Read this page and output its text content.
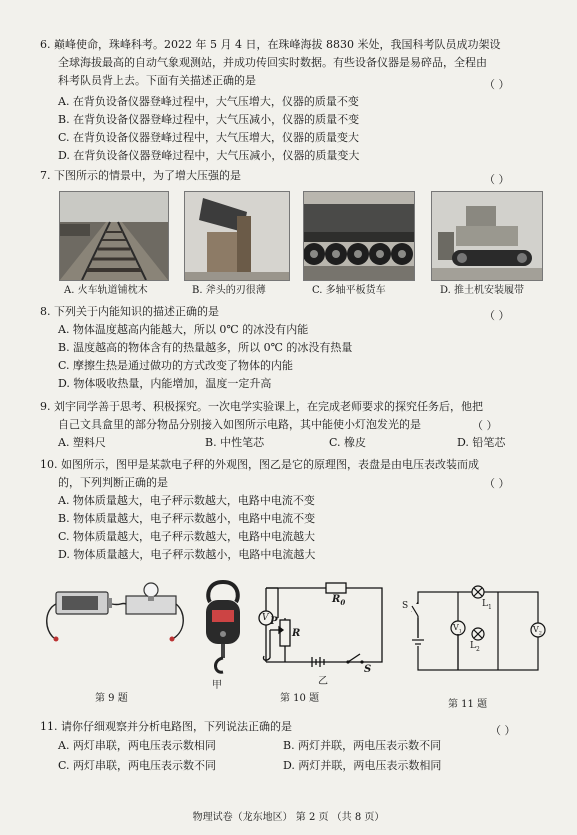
6. 巅峰使命，珠峰科考。2022 年 5 月 4 日，在珠峰海拔 8830 米处，我国科考队员成功架设
全球海拔最高的自动气象观测站，并成功传回实时数据。有些设备仪器是易碎品，全程由
科考队员背上去。下面有关描述正确的是	（ ）
A. 在背负设备仪器登峰过程中，大气压增大，仪器的质量不变
B. 在背负设备仪器登峰过程中，大气压减小，仪器的质量不变
C. 在背负设备仪器登峰过程中，大气压增大，仪器的质量变大
D. 在背负设备仪器登峰过程中，大气压减小，仪器的质量变大
7. 下图所示的情景中，为了增大压强的是	（ ）
A. 火车轨道铺枕木	B. 斧头的刃很薄	C. 多轴平板货车	D. 推土机安装履带
8. 下列关于内能知识的描述正确的是	（ ）
A. 物体温度越高内能越大，所以 0℃ 的冰没有内能
B. 温度越高的物体含有的热量越多，所以 0℃ 的冰没有热量
C. 摩擦生热是通过做功的方式改变了物体的内能
D. 物体吸收热量，内能增加，温度一定升高
9. 刘宇同学善于思考、积极探究。一次电学实验课上，在完成老师要求的探究任务后，他把
自己文具盒里的部分物品分别接入如图所示电路，其中能使小灯泡发光的是	（ ）
A. 塑料尺	B. 中性笔芯	C. 橡皮	D. 铅笔芯
10. 如图所示，图甲是某款电子秤的外观图，图乙是它的原理图，表盘是由电压表改装而成
的，下列判断正确的是	（ ）
A. 物体质量越大，电子秤示数越大，电路中电流不变
B. 物体质量越大，电子秤示数越小，电路中电流不变
C. 物体质量越大，电子秤示数越大，电路中电流越大
D. 物体质量越大，电子秤示数越小，电路中电流越大
第 9 题
甲
V
$R_0$
P
R
S
乙
第 10 题
S	$L_1$
$L_2$
$V_1$	$V_2$
第 11 题
11. 请你仔细观察并分析电路图，下列说法正确的是	（ ）
A. 两灯串联，两电压表示数相同	B. 两灯并联，两电压表示数不同
C. 两灯串联，两电压表示数不同	D. 两灯并联，两电压表示数相同
物理试卷（龙东地区） 第 2 页 （共 8 页）
